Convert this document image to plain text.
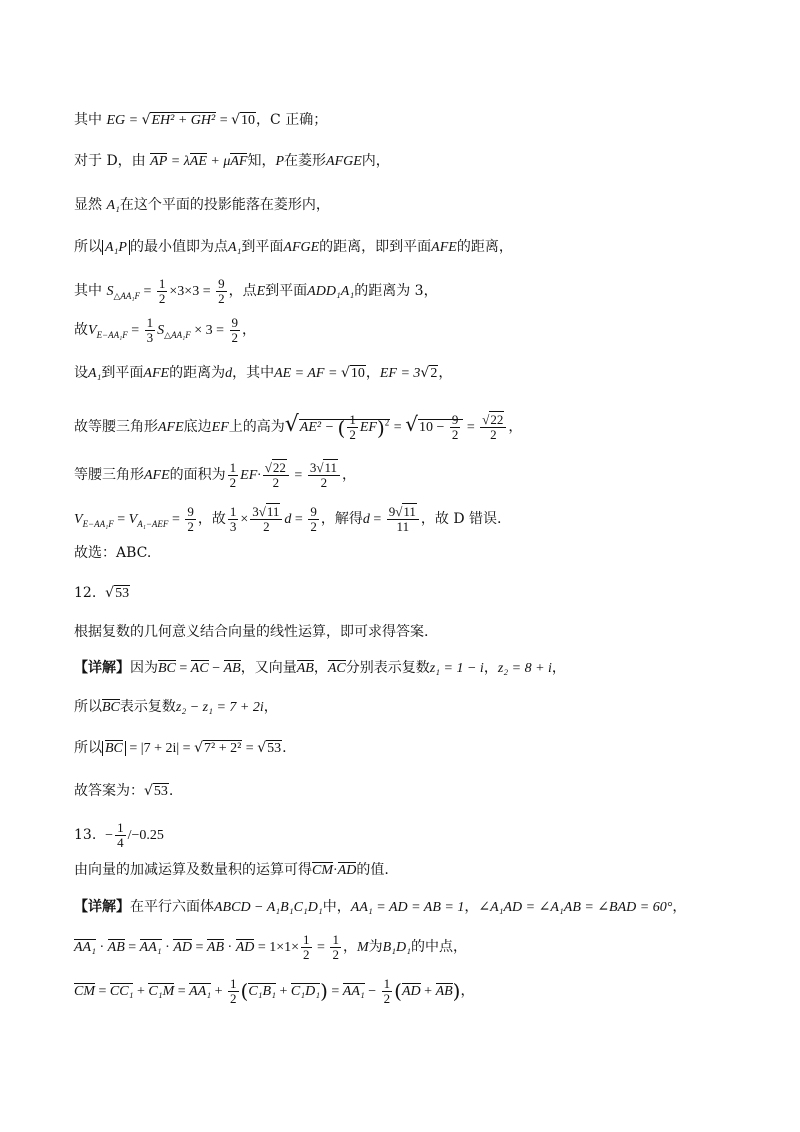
其中 EG = √EH² + GH² = √10，C 正确；
对于 D，由 AP = λAE + μAF知，P在菱形AFGE内，
显然 A₁在这个平面的投影能落在菱形内，
所以 A₁P 的最小值即为点A₁到平面AFGE的距离，即到平面AFE的距离，
其中 $S_{\triangle AA_1F} = \frac{1}{2} \times 3\times 3 = \frac{9}{2}$ ，点E到平面ADD₁A₁的距离为 3，
故$V_{E-AA_1F} = \frac{1}{3} S_{\triangle AA_1F} \times 3 = \frac{9}{2}$ ，
设A₁到平面AFE的距离为d，其中AE = AF = √10，EF = 3√2，
故等腰三角形AFE底边EF上的高为√AE² − ( $\frac{1}{2} EF)^2 = √10 - \frac{9}{2} = \frac{√22}{2}$ ，
等腰三角形AFE的面积为 $\frac{1}{2} EF\cdot \frac{√22}{2} = \frac{3√11}{2}$ ，
$V_{E-AA_1F} = V_{A_1-AEF} = \frac{9}{2}$ ，故 $\frac{1}{3} \times \frac{3√11}{2}$ $d = \frac{9}{2}$ ，解得$d = \frac{9√11}{11}$ ，故 D 错误.
故选：ABC.
12. √53
根据复数的几何意义结合向量的线性运算，即可求得答案.
【详解】因为BC = AC − AB，又向量AB，AC分别表示复数z₁ = 1 − i，z₂ = 8 + i，
所以BC表示复数z₂ − z₁ = 7 + 2i，
所以 BC = |7 + 2i| = √7² + 2² = √53.
故答案为：√53.
13. − $\frac{1}{4} /-0.25$
由向量的加减运算及数量积的运算可得CM·AD的值.
【详解】在平行六面体ABCD − A₁B₁C₁D₁中，AA₁ = AD = AB = 1，∠A₁AD = ∠A₁AB = ∠BAD = 60°，
AA₁ · AB = AA₁ · AD = AB · AD = $1\times 1\times \frac{1}{2} = \frac{1}{2}$ ，M为B₁D₁的中点，
CM = $CC_1 + C_1M = AA_1 + \frac{1}{2} (C_1B_1 + C_1D_1) = AA_1 - \frac{1}{2} (AD + AB)$，
